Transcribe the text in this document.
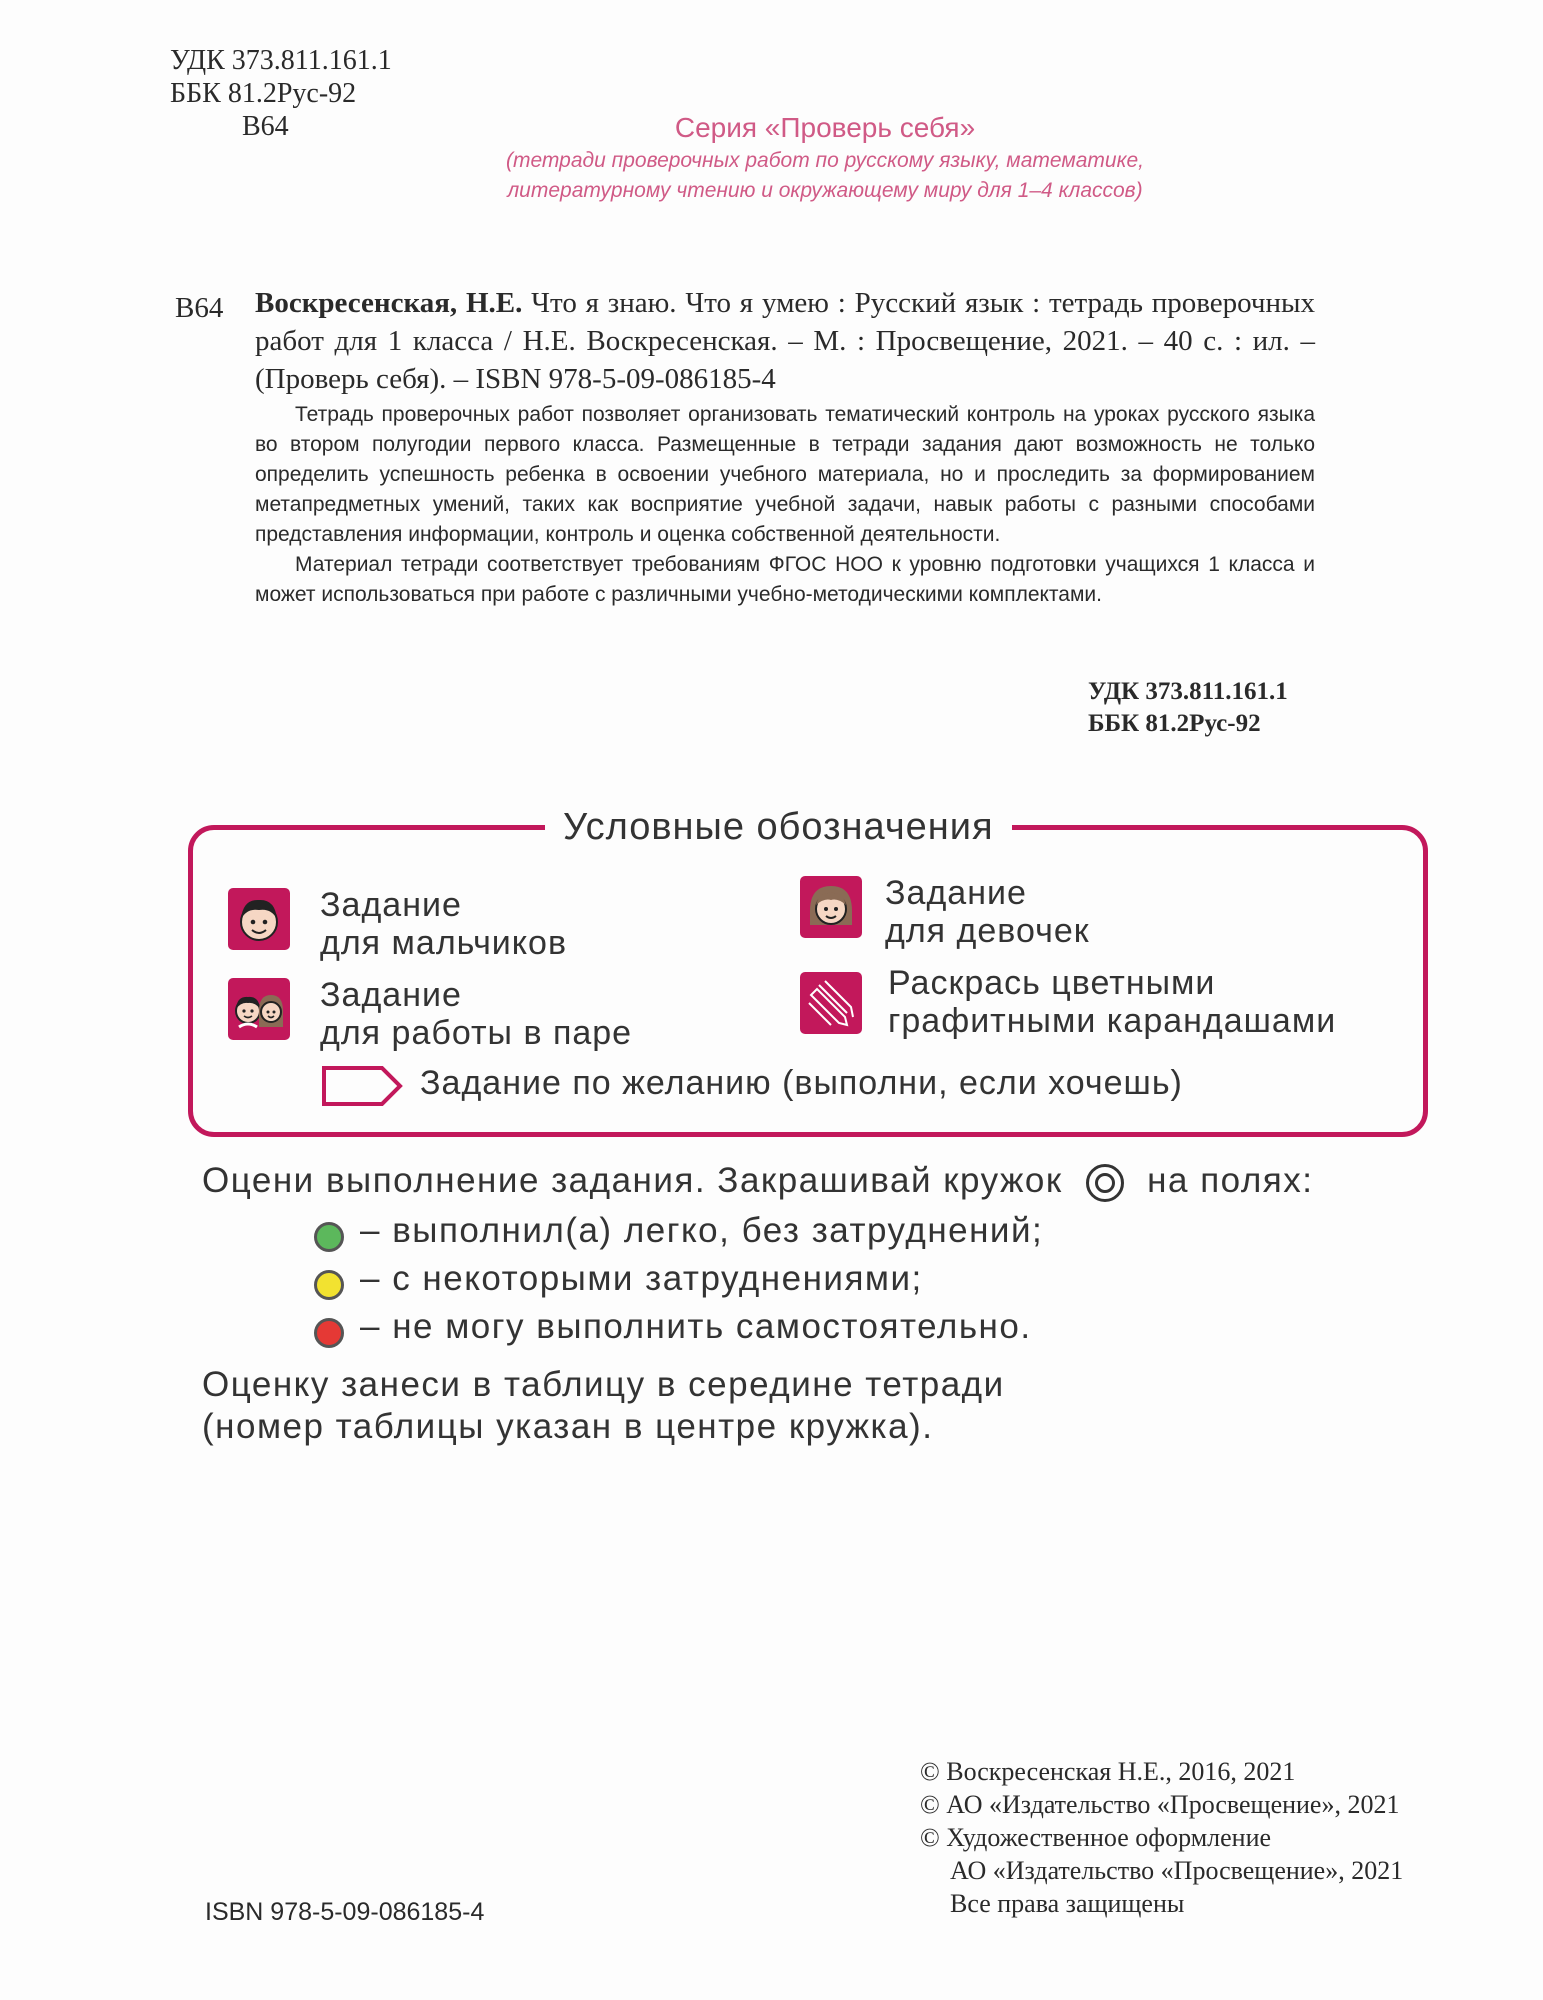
УДК 373.811.161.1
ББК 81.2Рус-92
В64	Серия «Проверь себя»
(тетради проверочных работ по русскому языку, математике,
литературному чтению и окружающему миру для 1–4 классов)
В64 Воскресенская, Н.Е. Что я знаю. Что я умею : Русский язык : тетрадь проверочных работ для 1 класса / Н.Е. Воскресенская. – М. : Просвещение, 2021. – 40 с. : ил. – (Проверь себя). – ISBN 978-5-09-086185-4

Тетрадь проверочных работ позволяет организовать тематический контроль на уроках русского языка во втором полугодии первого класса. Размещенные в тетради задания дают возможность не только определить успешность ребенка в освоении учебного материала, но и проследить за формированием метапредметных умений, таких как восприятие учебной задачи, навык работы с разными способами представления информации, контроль и оценка собственной деятельности.

Материал тетради соответствует требованиям ФГОС НОО к уровню подготовки учащихся 1 класса и может использоваться при работе с различными учебно-методическими комплектами.

УДК 373.811.161.1
ББК 81.2Рус-92
Условные обозначения
Задание
для мальчиков
Задание
для девочек
Задание
для работы в паре
Раскрась цветными
графитными карандашами
Задание по желанию (выполни, если хочешь)
Оцени выполнение задания. Закрашивай кружок на полях:
– выполнил(а) легко, без затруднений;
– с некоторыми затруднениями;
– не могу выполнить самостоятельно.
Оценку занеси в таблицу в середине тетради
(номер таблицы указан в центре кружка).
© Воскресенская Н.Е., 2016, 2021
© АО «Издательство «Просвещение», 2021
© Художественное оформление
АО «Издательство «Просвещение», 2021
Все права защищены
ISBN 978-5-09-086185-4
